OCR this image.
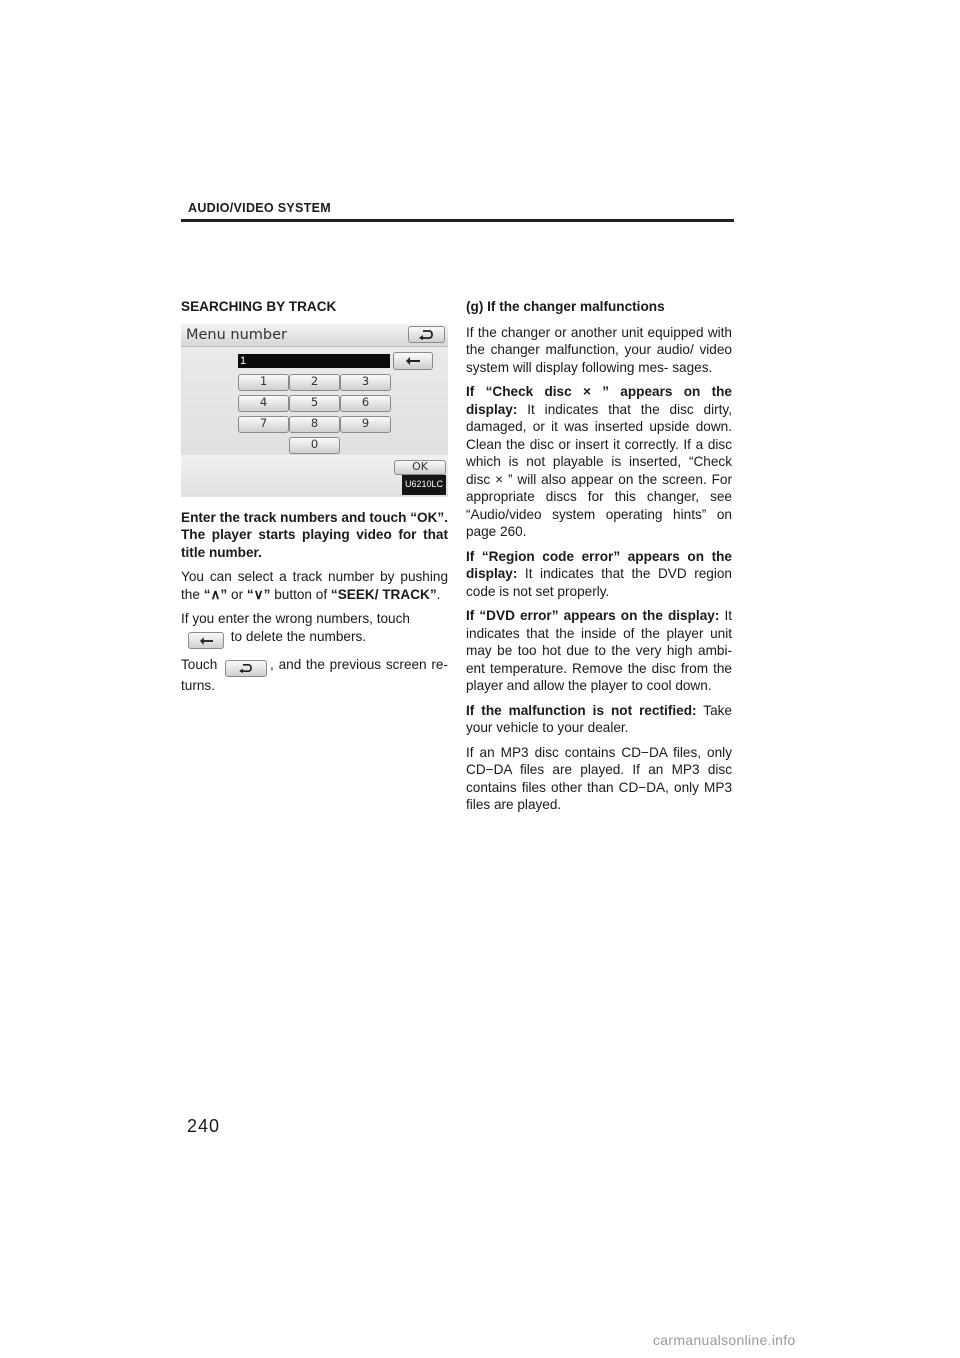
AUDIO/VIDEO SYSTEM

SEARCHING BY TRACK

Menu number
1
1	2	3
4	5	6
7	8	9
0
OK
U6210LC

Enter the track numbers and touch “OK”. The player starts playing video for that title number.

You can select a track number by pushing the “∧” or “∨” button of “SEEK/ TRACK”.

If you enter the wrong numbers, touch

to delete the numbers.

Touch	, and the previous screen re- turns.

(g) If the changer malfunctions

If the changer or another unit equipped with the changer malfunction, your audio/ video system will display following mes- sages.

If “Check disc × ” appears on the display: It indicates that the disc dirty, damaged, or it was inserted upside down. Clean the disc or insert it correctly. If a disc which is not playable is inserted, “Check disc × ” will also appear on the screen. For appropriate discs for this changer, see “Audio/video system operating hints” on page 260.

If “Region code error” appears on the display: It indicates that the DVD region code is not set properly.

If “DVD error” appears on the display: It indicates that the inside of the player unit may be too hot due to the very high ambi- ent temperature. Remove the disc from the player and allow the player to cool down.

If the malfunction is not rectified: Take your vehicle to your dealer.

If an MP3 disc contains CD−DA files, only CD−DA files are played. If an MP3 disc contains files other than CD−DA, only MP3 files are played.

240
carmanualsonline.info
